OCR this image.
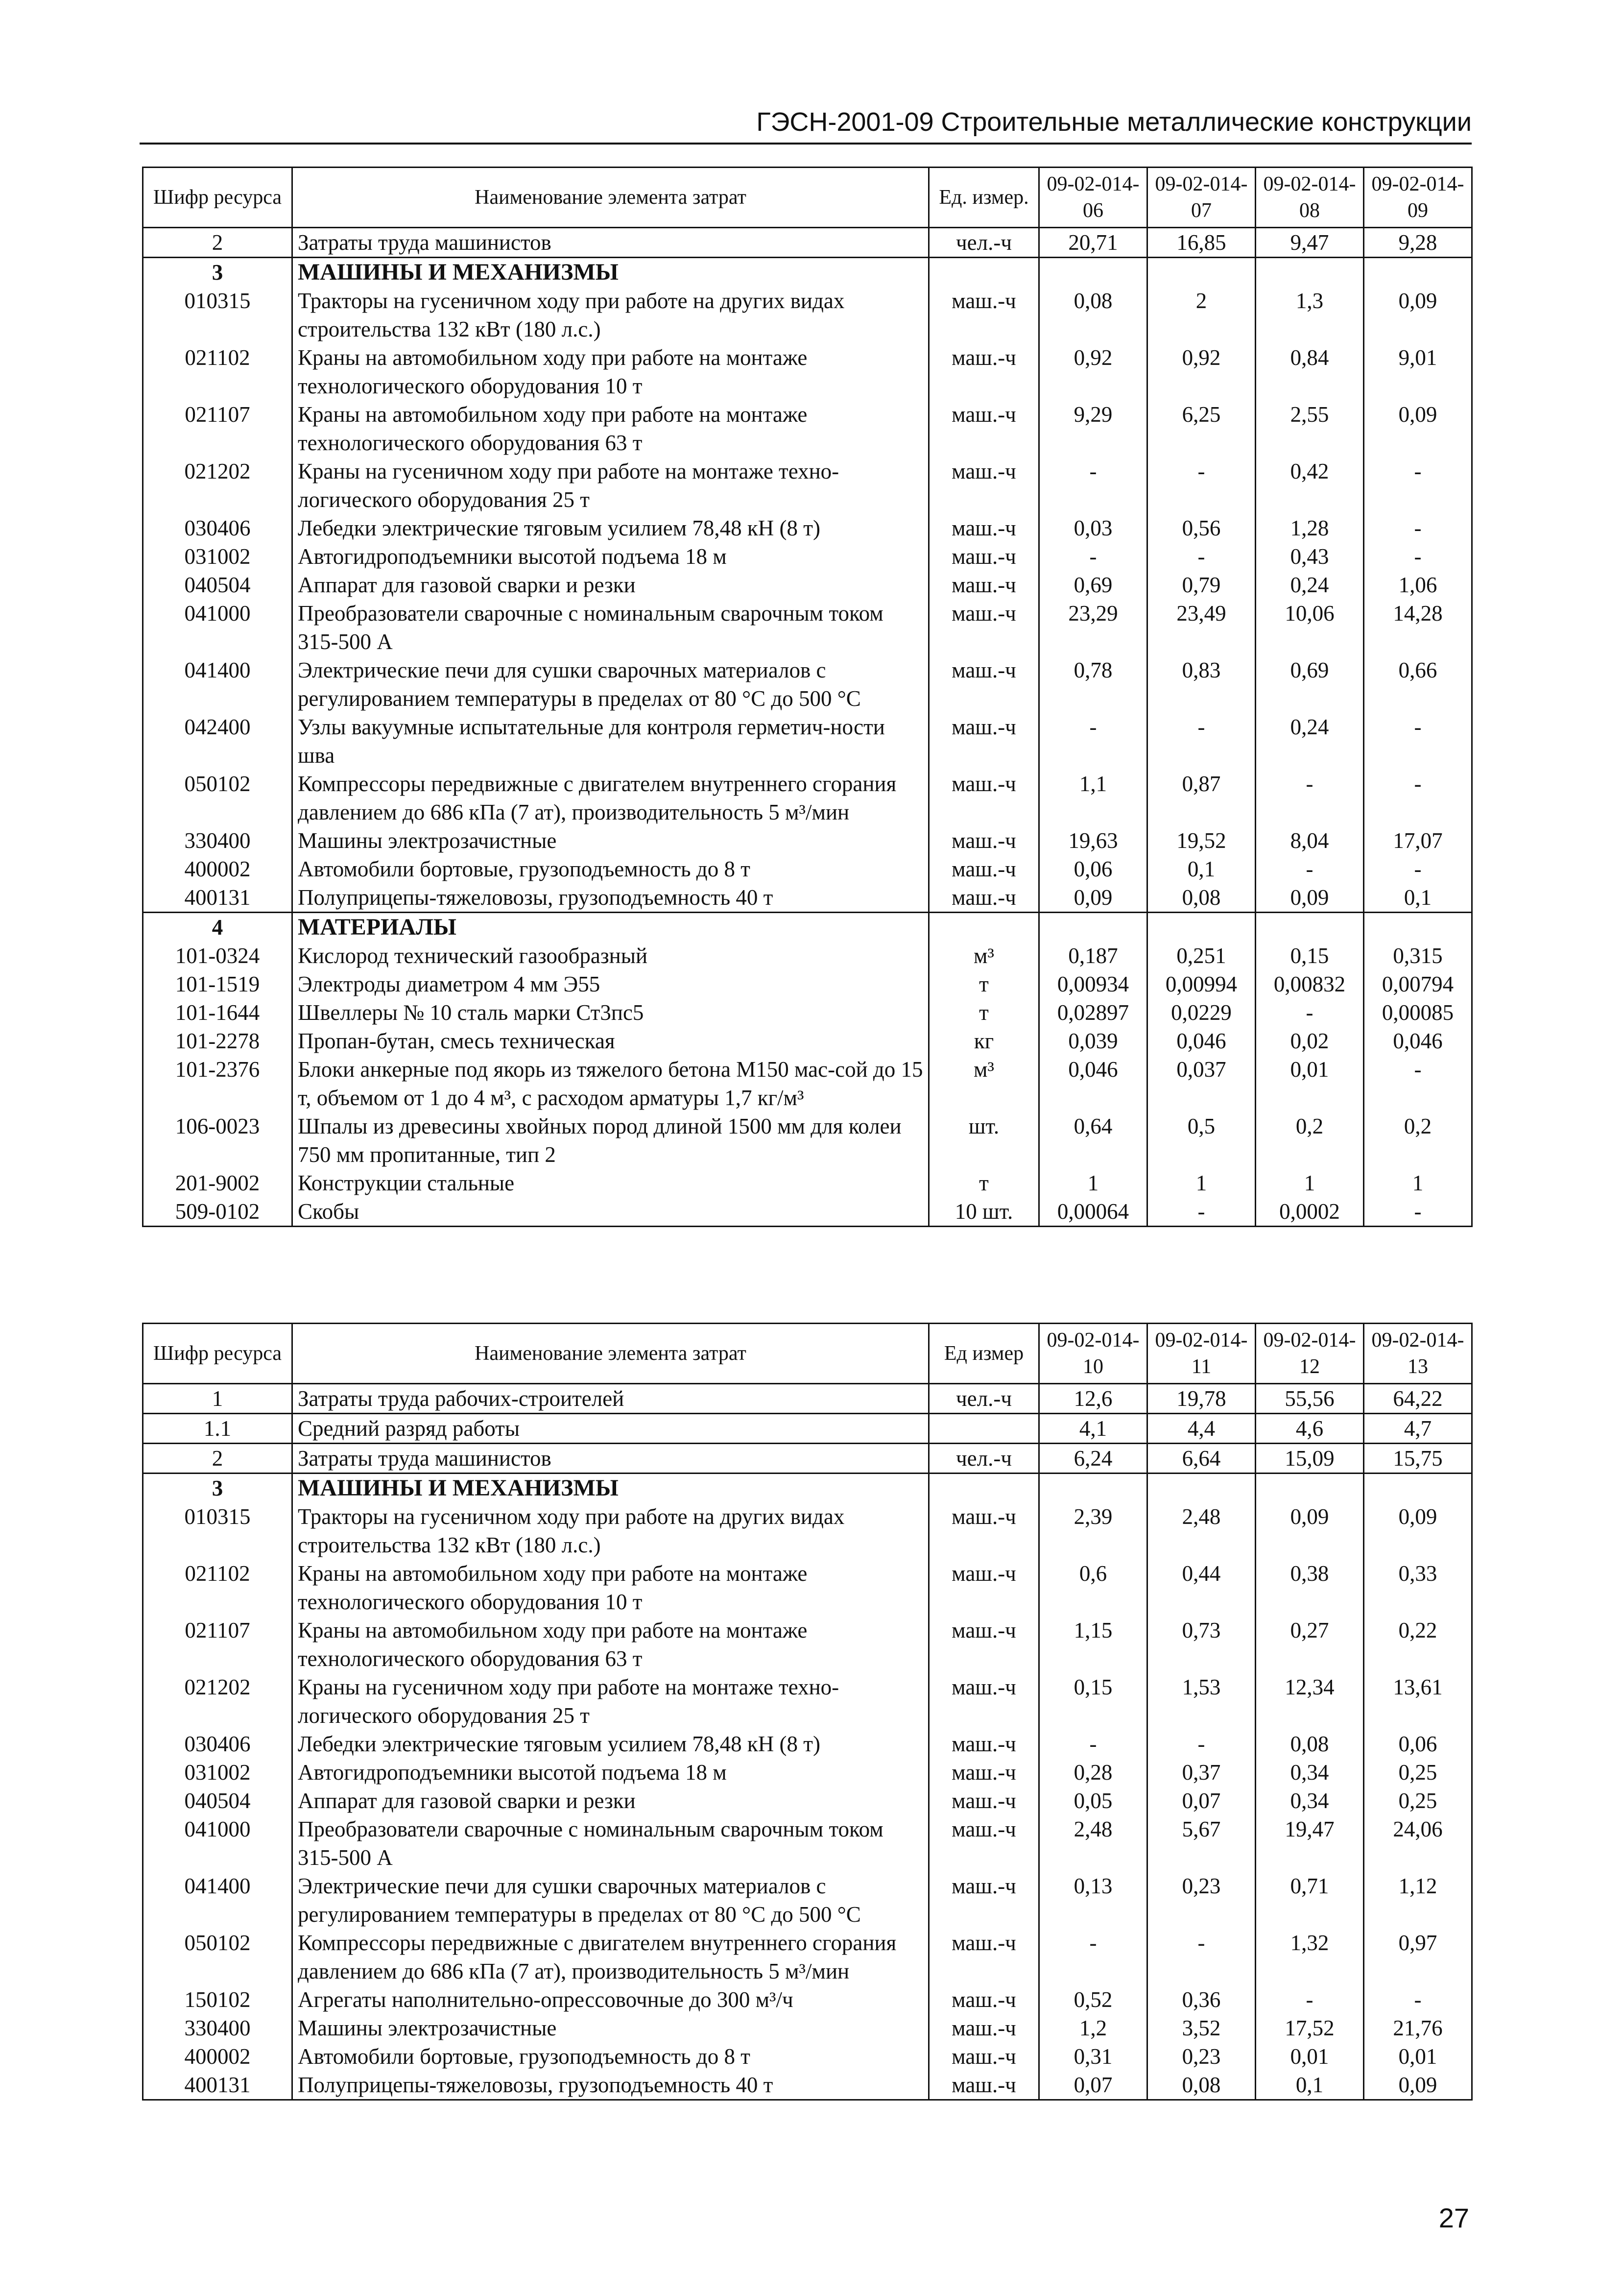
ГЭСН-2001-09 Строительные металлические конструкции
Шифр ресурса	Наименование элемента затрат	Ед. измер.	09-02-014-06	09-02-014-07	09-02-014-08	09-02-014-09
2	Затраты труда машинистов	чел.-ч	20,71	16,85	9,47	9,28
3	МАШИНЫ И МЕХАНИЗМЫ					
010315	Тракторы на гусеничном ходу при работе на других видах строительства 132 кВт (180 л.с.)	маш.-ч	0,08	2	1,3	0,09
021102	Краны на автомобильном ходу при работе на монтаже технологического оборудования 10 т	маш.-ч	0,92	0,92	0,84	9,01
021107	Краны на автомобильном ходу при работе на монтаже технологического оборудования 63 т	маш.-ч	9,29	6,25	2,55	0,09
021202	Краны на гусеничном ходу при работе на монтаже техно-логического оборудования 25 т	маш.-ч	-	-	0,42	-
030406	Лебедки электрические тяговым усилием 78,48 кН (8 т)	маш.-ч	0,03	0,56	1,28	-
031002	Автогидроподъемники высотой подъема 18 м	маш.-ч	-	-	0,43	-
040504	Аппарат для газовой сварки и резки	маш.-ч	0,69	0,79	0,24	1,06
041000	Преобразователи сварочные с номинальным сварочным током 315-500 А	маш.-ч	23,29	23,49	10,06	14,28
041400	Электрические печи для сушки сварочных материалов с регулированием температуры в пределах от 80 °С до 500 °С	маш.-ч	0,78	0,83	0,69	0,66
042400	Узлы вакуумные испытательные для контроля герметич-ности шва	маш.-ч	-	-	0,24	-
050102	Компрессоры передвижные с двигателем внутреннего сгорания давлением до 686 кПа (7 ат), производительность 5 м³/мин	маш.-ч	1,1	0,87	-	-
330400	Машины электрозачистные	маш.-ч	19,63	19,52	8,04	17,07
400002	Автомобили бортовые, грузоподъемность до 8 т	маш.-ч	0,06	0,1	-	-
400131	Полуприцепы-тяжеловозы, грузоподъемность 40 т	маш.-ч	0,09	0,08	0,09	0,1
4	МАТЕРИАЛЫ					
101-0324	Кислород технический газообразный	м³	0,187	0,251	0,15	0,315
101-1519	Электроды диаметром 4 мм Э55	т	0,00934	0,00994	0,00832	0,00794
101-1644	Швеллеры № 10 сталь марки Ст3пс5	т	0,02897	0,0229	-	0,00085
101-2278	Пропан-бутан, смесь техническая	кг	0,039	0,046	0,02	0,046
101-2376	Блоки анкерные под якорь из тяжелого бетона М150 мас-сой до 15 т, объемом от 1 до 4 м³, с расходом арматуры 1,7 кг/м³	м³	0,046	0,037	0,01	-
106-0023	Шпалы из древесины хвойных пород длиной 1500 мм для колеи 750 мм пропитанные, тип 2	шт.	0,64	0,5	0,2	0,2
201-9002	Конструкции стальные	т	1	1	1	1
509-0102	Скобы	10 шт.	0,00064	-	0,0002	-
Шифр ресурса	Наименование элемента затрат	Ед измер	09-02-014-10	09-02-014-11	09-02-014-12	09-02-014-13
1	Затраты труда рабочих-строителей	чел.-ч	12,6	19,78	55,56	64,22
1.1	Средний разряд работы		4,1	4,4	4,6	4,7
2	Затраты труда машинистов	чел.-ч	6,24	6,64	15,09	15,75
3	МАШИНЫ И МЕХАНИЗМЫ					
010315	Тракторы на гусеничном ходу при работе на других видах строительства 132 кВт (180 л.с.)	маш.-ч	2,39	2,48	0,09	0,09
021102	Краны на автомобильном ходу при работе на монтаже технологического оборудования 10 т	маш.-ч	0,6	0,44	0,38	0,33
021107	Краны на автомобильном ходу при работе на монтаже технологического оборудования 63 т	маш.-ч	1,15	0,73	0,27	0,22
021202	Краны на гусеничном ходу при работе на монтаже техно-логического оборудования 25 т	маш.-ч	0,15	1,53	12,34	13,61
030406	Лебедки электрические тяговым усилием 78,48 кН (8 т)	маш.-ч	-	-	0,08	0,06
031002	Автогидроподъемники высотой подъема 18 м	маш.-ч	0,28	0,37	0,34	0,25
040504	Аппарат для газовой сварки и резки	маш.-ч	0,05	0,07	0,34	0,25
041000	Преобразователи сварочные с номинальным сварочным током 315-500 А	маш.-ч	2,48	5,67	19,47	24,06
041400	Электрические печи для сушки сварочных материалов с регулированием температуры в пределах от 80 °С до 500 °С	маш.-ч	0,13	0,23	0,71	1,12
050102	Компрессоры передвижные с двигателем внутреннего сгорания давлением до 686 кПа (7 ат), производительность 5 м³/мин	маш.-ч	-	-	1,32	0,97
150102	Агрегаты наполнительно-опрессовочные до 300 м³/ч	маш.-ч	0,52	0,36	-	-
330400	Машины электрозачистные	маш.-ч	1,2	3,52	17,52	21,76
400002	Автомобили бортовые, грузоподъемность до 8 т	маш.-ч	0,31	0,23	0,01	0,01
400131	Полуприцепы-тяжеловозы, грузоподъемность 40 т	маш.-ч	0,07	0,08	0,1	0,09
27
